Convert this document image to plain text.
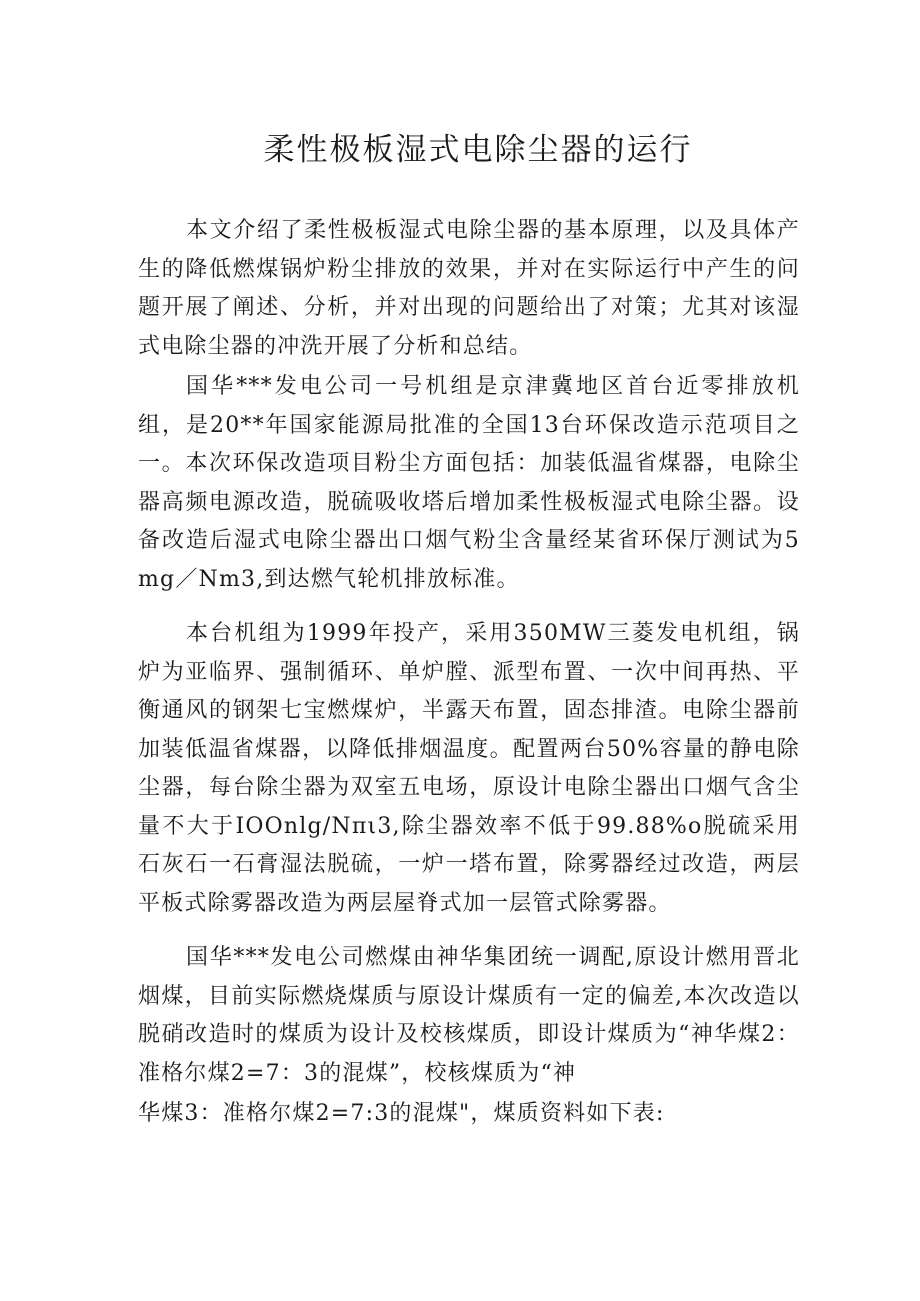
柔性极板湿式电除尘器的运行

本文介绍了柔性极板湿式电除尘器的基本原理，以及具体产生的降低燃煤锅炉粉尘排放的效果，并对在实际运行中产生的问题开展了阐述、分析，并对出现的问题给出了对策；尤其对该湿式电除尘器的冲洗开展了分析和总结。

国华***发电公司一号机组是京津冀地区首台近零排放机组，是20**年国家能源局批准的全国13台环保改造示范项目之一。本次环保改造项目粉尘方面包括：加装低温省煤器，电除尘器高频电源改造，脱硫吸收塔后增加柔性极板湿式电除尘器。设备改造后湿式电除尘器出口烟气粉尘含量经某省环保厅测试为5mg／Nm3,到达燃气轮机排放标准。

本台机组为1999年投产，采用350MW三菱发电机组，锅炉为亚临界、强制循环、单炉膛、派型布置、一次中间再热、平衡通风的钢架七宝燃煤炉，半露天布置，固态排渣。电除尘器前加装低温省煤器，以降低排烟温度。配置两台50%容量的静电除尘器，每台除尘器为双室五电场，原设计电除尘器出口烟气含尘量不大于IOOnlg/Nπι3,除尘器效率不低于99.88%o脱硫采用石灰石一石膏湿法脱硫，一炉一塔布置，除雾器经过改造，两层平板式除雾器改造为两层屋脊式加一层管式除雾器。

国华***发电公司燃煤由神华集团统一调配,原设计燃用晋北烟煤，目前实际燃烧煤质与原设计煤质有一定的偏差,本次改造以脱硝改造时的煤质为设计及校核煤质，即设计煤质为“神华煤2：准格尔煤2=7：3的混煤”，校核煤质为“神

华煤3：准格尔煤2=7:3的混煤"，煤质资料如下表:
